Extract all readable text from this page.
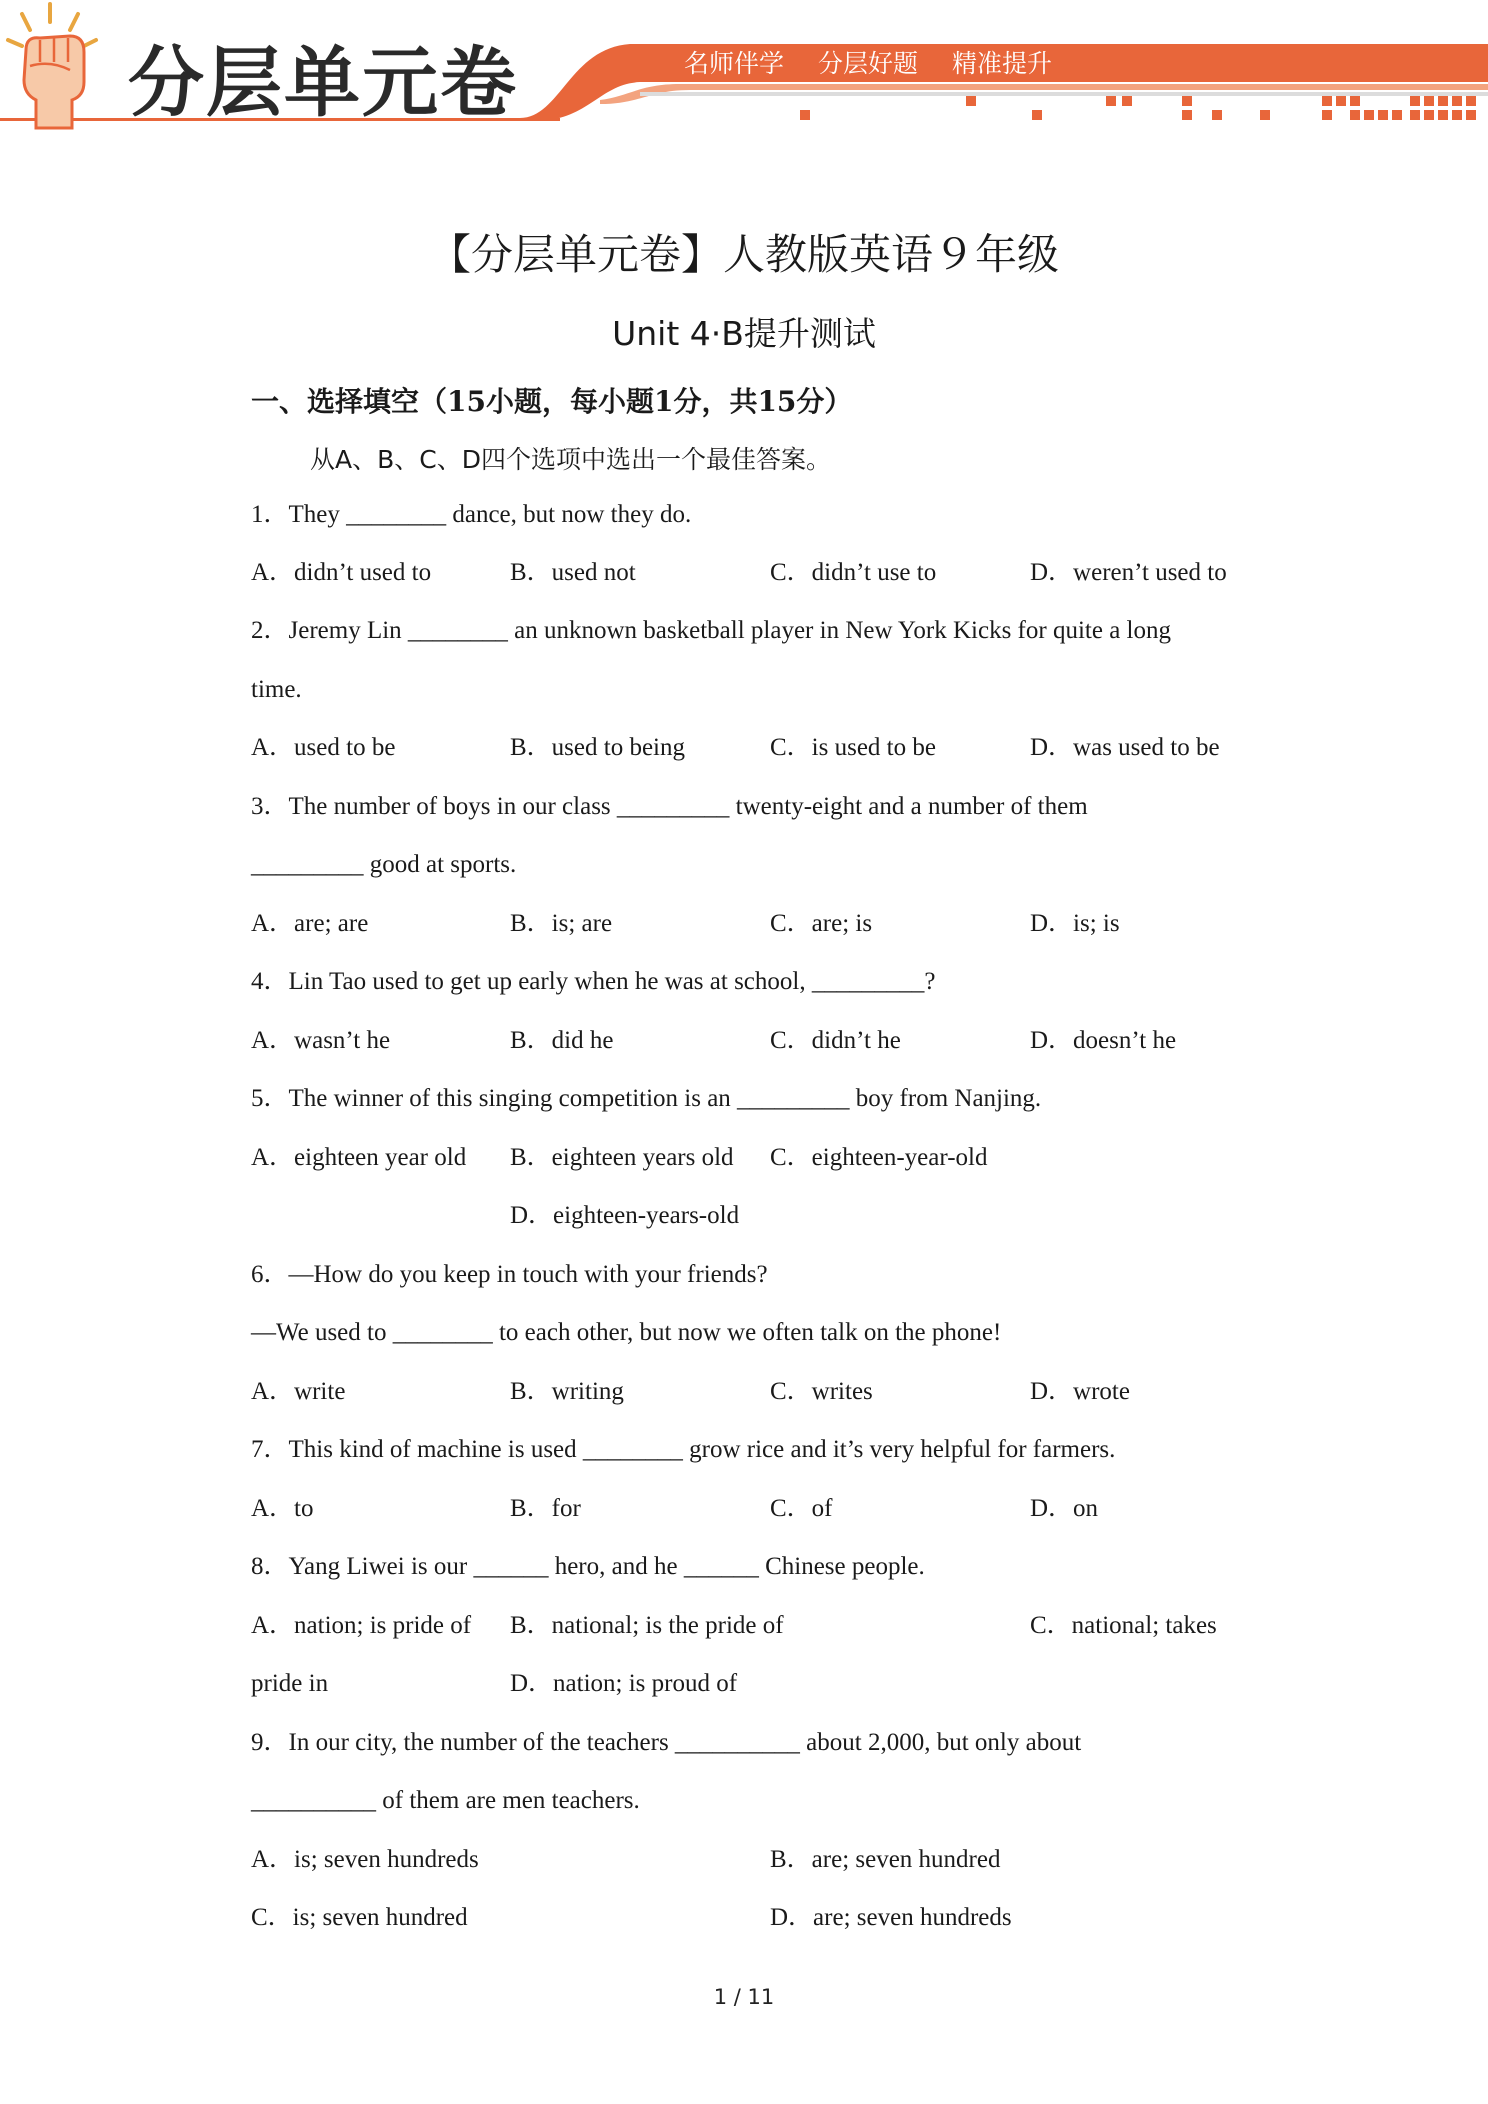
分层单元卷	名师伴学 分层好题 精准提升
【分层单元卷】人教版英语９年级
Unit 4·B提升测试
一、选择填空（15小题，每小题1分，共15分）
从A、B、C、D四个选项中选出一个最佳答案。
1．They ________ dance, but now they do.
A．didn’t used to	B．used not	C．didn’t use to	D．weren’t used to
2．Jeremy Lin ________ an unknown basketball player in New York Kicks for quite a long
time.
A．used to be	B．used to being	C．is used to be	D．was used to be
3．The number of boys in our class _________ twenty-eight and a number of them
_________ good at sports.
A．are; are	B．is; are	C．are; is	D．is; is
4．Lin Tao used to get up early when he was at school, _________?
A．wasn’t he	B．did he	C．didn’t he	D．doesn’t he
5．The winner of this singing competition is an _________ boy from Nanjing.
A．eighteen year old B．eighteen years old C．eighteen-year-old
D．eighteen-years-old
6．—How do you keep in touch with your friends?
—We used to ________ to each other, but now we often talk on the phone!
A．write	B．writing	C．writes	D．wrote
7．This kind of machine is used ________ grow rice and it’s very helpful for farmers.
A．to	B．for	C．of	D．on
8．Yang Liwei is our ______ hero, and he ______ Chinese people.
A．nation; is pride of B．national; is the pride of	C．national; takes
pride in	D．nation; is proud of
9．In our city, the number of the teachers __________ about 2,000, but only about
__________ of them are men teachers.
A．is; seven hundreds	B．are; seven hundred
C．is; seven hundred	D．are; seven hundreds
1 / 11
